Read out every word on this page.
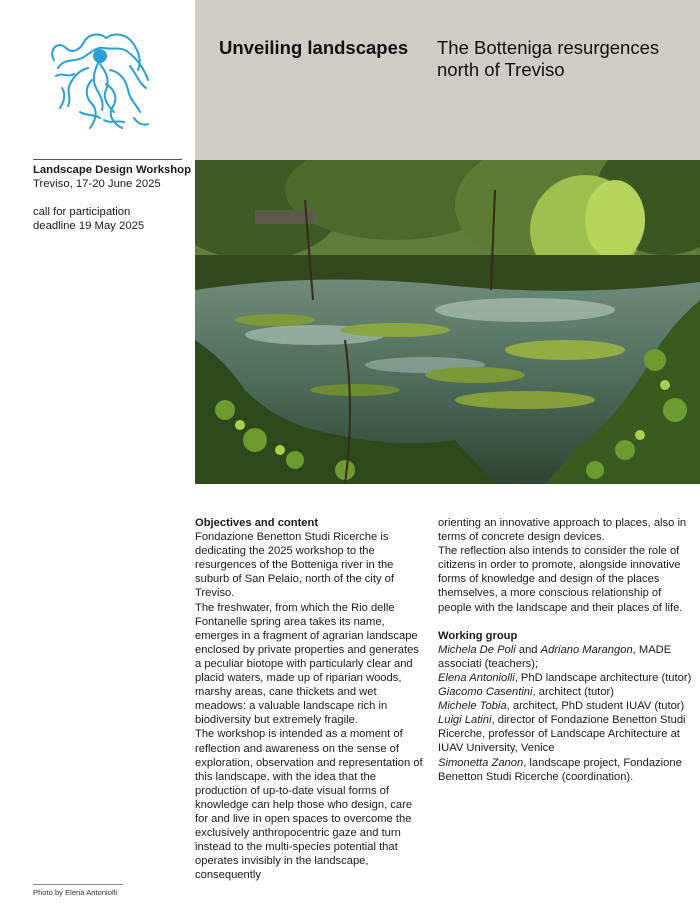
Unveiling landscapes The Botteniga resurgences north of Treviso
Landscape Design Workshop
Treviso, 17-20 June 2025
call for participation
deadline 19 May 2025

Objectives and content

Fondazione Benetton Studi Ricerche is dedicating the 2025 workshop to the resurgences of the Botteniga river in the suburb of San Pelaio, north of the city of Treviso.

The freshwater, from which the Rio delle Fontanelle spring area takes its name, emerges in a fragment of agrarian landscape enclosed by private properties and generates a peculiar biotope with particularly clear and placid waters, made up of riparian woods, marshy areas, cane thickets and wet meadows: a valuable landscape rich in biodiversity but extremely fragile.

The workshop is intended as a moment of reflection and awareness on the sense of exploration, observation and representation of this landscape, with the idea that the production of up-to-date visual forms of knowledge can help those who design, care for and live in open spaces to overcome the exclusively anthropocentric gaze and turn instead to the multi-species potential that operates invisibly in the landscape, consequently

orienting an innovative approach to places, also in terms of concrete design devices.

The reflection also intends to consider the role of citizens in order to promote, alongside innovative forms of knowledge and design of the places themselves, a more conscious relationship of people with the landscape and their places of life.

Working group

Michela De Poli and Adriano Marangon, MADE associati (teachers);

Elena Antoniolli, PhD landscape architecture (tutor)

Giacomo Casentini, architect (tutor)

Michele Tobia, architect, PhD student IUAV (tutor)

Luigi Latini, director of Fondazione Benetton Studi Ricerche, professor of Landscape Architecture at IUAV University, Venice

Simonetta Zanon, landscape project, Fondazione Benetton Studi Ricerche (coordination).

Photo by Elena Antoniolli
